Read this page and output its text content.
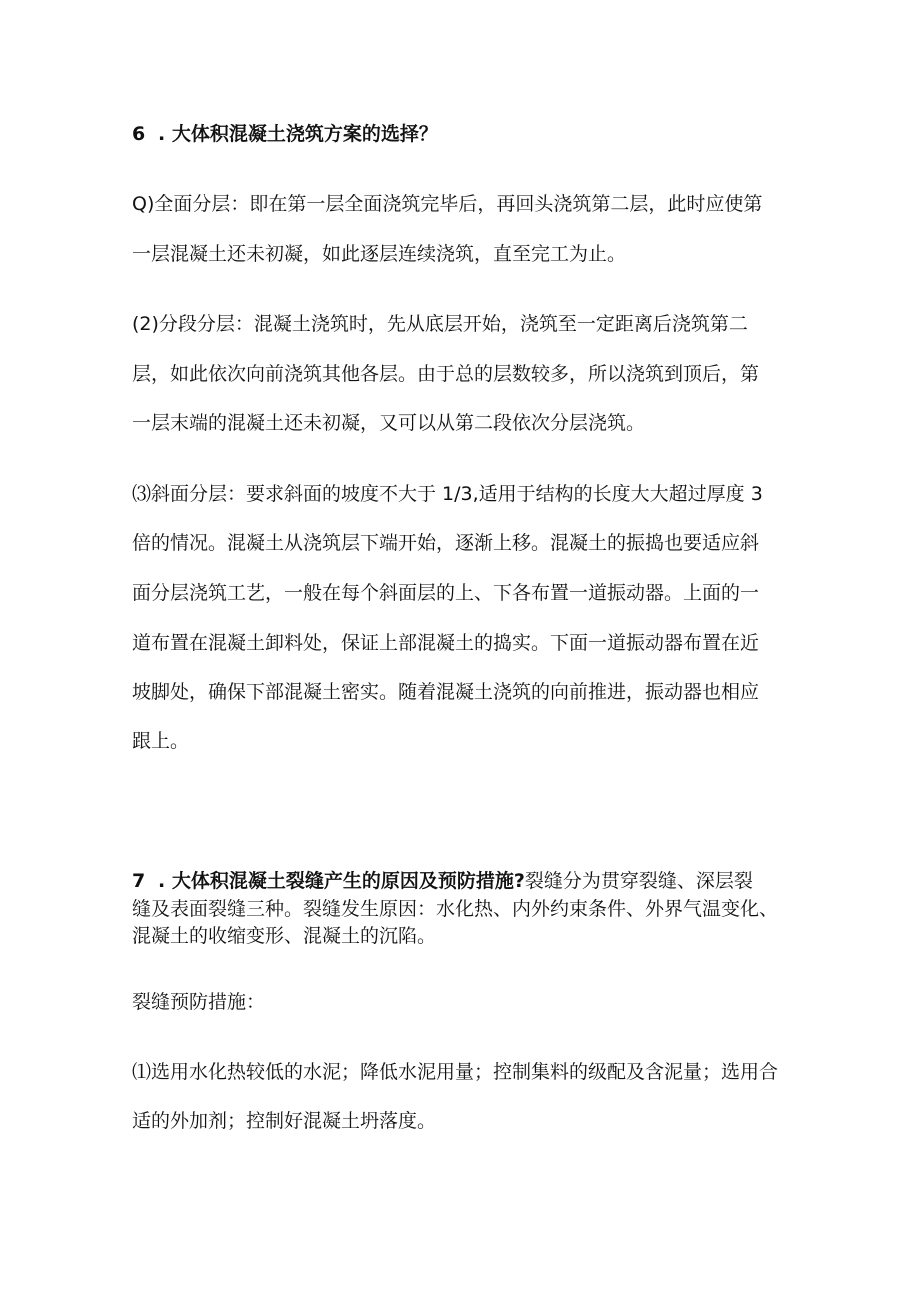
6 . 大体积混凝土浇筑方案的选择？
Q)全面分层：即在第一层全面浇筑完毕后，再回头浇筑第二层，此时应使第
一层混凝土还未初凝，如此逐层连续浇筑，直至完工为止。
(2)分段分层：混凝土浇筑时，先从底层开始，浇筑至一定距离后浇筑第二
层，如此依次向前浇筑其他各层。由于总的层数较多，所以浇筑到顶后，第
一层末端的混凝土还未初凝，又可以从第二段依次分层浇筑。
⑶斜面分层：要求斜面的坡度不大于 1/3,适用于结构的长度大大超过厚度 3
倍的情况。混凝土从浇筑层下端开始，逐渐上移。混凝土的振捣也要适应斜
面分层浇筑工艺，一般在每个斜面层的上、下各布置一道振动器。上面的一
道布置在混凝土卸料处，保证上部混凝土的捣实。下面一道振动器布置在近
坡脚处，确保下部混凝土密实。随着混凝土浇筑的向前推进，振动器也相应
跟上。
7 . 大体积混凝土裂缝产生的原因及预防措施?裂缝分为贯穿裂缝、深层裂
缝及表面裂缝三种。裂缝发生原因：水化热、内外约束条件、外界气温变化、
混凝土的收缩变形、混凝土的沉陷。
裂缝预防措施：
⑴选用水化热较低的水泥；降低水泥用量；控制集料的级配及含泥量；选用合
适的外加剂；控制好混凝土坍落度。
